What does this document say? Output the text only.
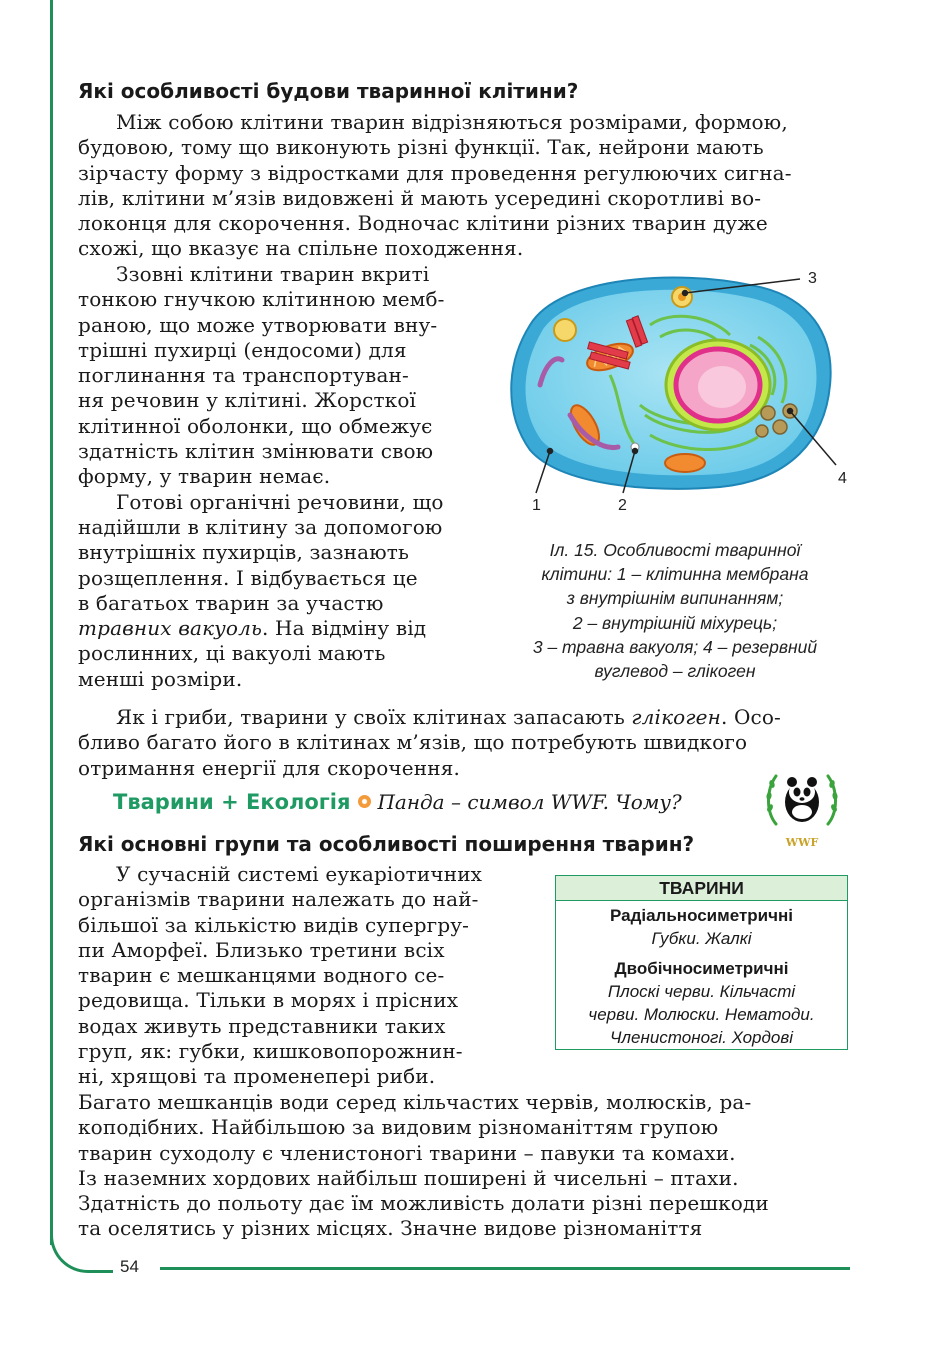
54
Які особливості будови тваринної клітини?

Між собою клітини тварин відрізняються розмірами, формою,

будовою, тому що виконують різні функції. Так, нейрони мають

зірчасту форму з відростками для проведення регулюючих сигна-

лів, клітини м’язів видовжені й мають усередині скоротливі во-

локонця для скорочення. Водночас клітини різних тварин дуже

схожі, що вказує на спільне походження.

Ззовні клітини тварин вкриті

тонкою гнучкою клітинною мемб-

раною, що може утворювати вну-

трішні пухирці (ендосоми) для

поглинання та транспортуван-

ня речовин у клітині. Жорсткої

клітинної оболонки, що обмежує

здатність клітин змінювати свою

форму, у тварин немає.

Готові органічні речовини, що

надійшли в клітину за допомогою

внутрішніх пухирців, зазнають

розщеплення. І відбувається це

в багатьох тварин за участю

травних вакуоль. На відміну від

рослинних, ці вакуолі мають

менші розміри.

1	2
3
4
Іл. 15. Особливості тваринної
клітини: 1 – клітинна мембрана
з внутрішнім випинанням;
2 – внутрішній міхурець;
3 – травна вакуоля; 4 – резервний
вуглевод – глікоген

Як і гриби, тварини у своїх клітинах запасають глікоген. Осо-

бливо багато його в клітинах м’язів, що потребують швидкого

отримання енергії для скорочення.

Тварини + Екологія Панда – символ WWF. Чому?
WWF
Які основні групи та особливості поширення тварин?

У сучасній системі еукаріотичних

організмів тварини належать до най-

більшої за кількістю видів супергру-

пи Аморфеї. Близько третини всіх

тварин є мешканцями водного се-

редовища. Тільки в морях і прісних

водах живуть представники таких

груп, як: губки, кишковопорожнин-

ні, хрящові та променепері риби.

Багато мешканців води серед кільчастих червів, молюсків, ра-

коподібних. Найбільшою за видовим різноманіттям групою

тварин суходолу є членистоногі тварини – павуки та комахи.

Із наземних хордових найбільш поширені й чисельні – птахи.

Здатність до польоту дає їм можливість долати різні перешкоди

та оселятись у різних місцях. Значне видове різноманіття

ТВАРИНИ
Радіальносиметричні
Губки. Жалкі
Двобічносиметричні
Плоскі черви. Кільчасті
черви. Молюски. Нематоди.
Членистоногі. Хордові
